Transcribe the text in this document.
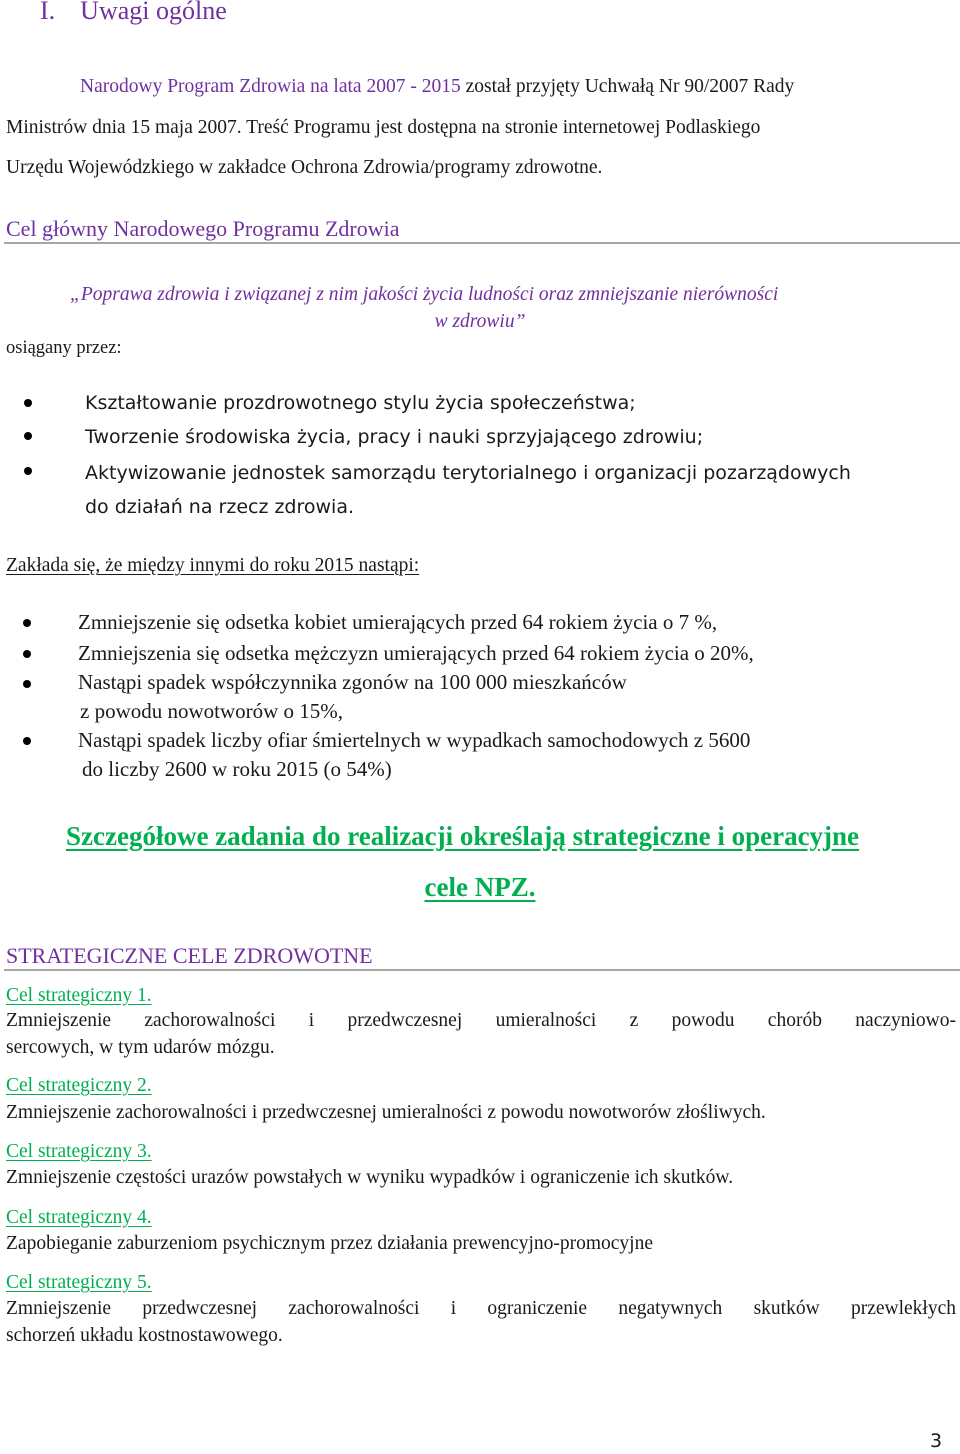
I. Uwagi ogólne
Narodowy Program Zdrowia na lata 2007 - 2015 został przyjęty Uchwałą Nr 90/2007 Rady
Ministrów dnia 15 maja 2007. Treść Programu jest dostępna na stronie internetowej Podlaskiego
Urzędu Wojewódzkiego w zakładce Ochrona Zdrowia/programy zdrowotne.
Cel główny Narodowego Programu Zdrowia
„Poprawa zdrowia i związanej z nim jakości życia ludności oraz zmniejszanie nierówności
w zdrowiu”
osiągany przez:
Kształtowanie prozdrowotnego stylu życia społeczeństwa;
Tworzenie środowiska życia, pracy i nauki sprzyjającego zdrowiu;
Aktywizowanie jednostek samorządu terytorialnego i organizacji pozarządowych
do działań na rzecz zdrowia.
Zakłada się, że między innymi do roku 2015 nastąpi:
Zmniejszenie się odsetka kobiet umierających przed 64 rokiem życia o 7 %,
Zmniejszenia się odsetka mężczyzn umierających przed 64 rokiem życia o 20%,
Nastąpi spadek współczynnika zgonów na 100 000 mieszkańców
z powodu nowotworów o 15%,
Nastąpi spadek liczby ofiar śmiertelnych w wypadkach samochodowych z 5600
do liczby 2600 w roku 2015 (o 54%)
Szczegółowe zadania do realizacji określają strategiczne i operacyjne
cele NPZ.
STRATEGICZNE CELE ZDROWOTNE
Cel strategiczny 1.
Zmniejszenie zachorowalności i przedwczesnej umieralności z powodu chorób naczyniowo-
sercowych, w tym udarów mózgu.
Cel strategiczny 2.
Zmniejszenie zachorowalności i przedwczesnej umieralności z powodu nowotworów złośliwych.
Cel strategiczny 3.
Zmniejszenie częstości urazów powstałych w wyniku wypadków i ograniczenie ich skutków.
Cel strategiczny 4.
Zapobieganie zaburzeniom psychicznym przez działania prewencyjno-promocyjne
Cel strategiczny 5.
Zmniejszenie przedwczesnej zachorowalności i ograniczenie negatywnych skutków przewlekłych
schorzeń układu kostnostawowego.
3
